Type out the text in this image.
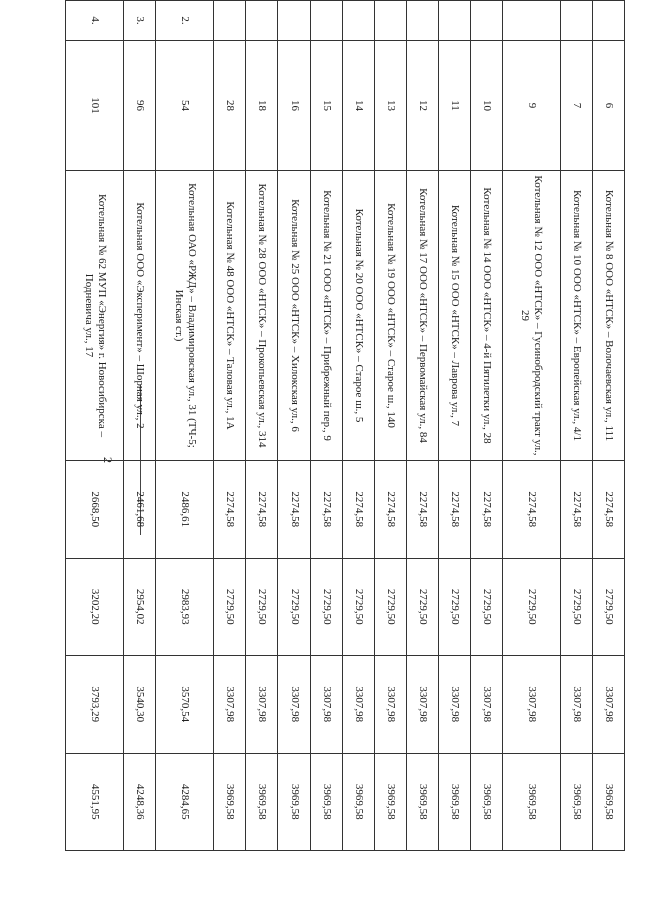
2
	6	Котельная № 8 ООО «НТСК» – Волочаевская ул., 111	2274,58	2729,50	3307,98	3969,58
	7	Котельная № 10 ООО «НТСК» – Европейская ул., 4/1	2274,58	2729,50	3307,98	3969,58
	9	Котельная № 12 ООО «НТСК» – Гусинобродский тракт ул., 29	2274,58	2729,50	3307,98	3969,58
	10	Котельная № 14 ООО «НТСК» – 4-й Пятилетки ул., 28	2274,58	2729,50	3307,98	3969,58
	11	Котельная № 15 ООО «НТСК» – Лаврова ул., 7	2274,58	2729,50	3307,98	3969,58
	12	Котельная № 17 ООО «НТСК» – Первомайская ул., 84	2274,58	2729,50	3307,98	3969,58
	13	Котельная № 19 ООО «НТСК» – Старое ш., 140	2274,58	2729,50	3307,98	3969,58
	14	Котельная № 20 ООО «НТСК» – Старое ш., 5	2274,58	2729,50	3307,98	3969,58
	15	Котельная № 21 ООО «НТСК» – Прибрежный пер., 9	2274,58	2729,50	3307,98	3969,58
	16	Котельная № 25 ООО «НТСК» – Хилокская ул., 6	2274,58	2729,50	3307,98	3969,58
	18	Котельная № 28 ООО «НТСК» – Прокопьевская ул., 314	2274,58	2729,50	3307,98	3969,58
	28	Котельная № 48 ООО «НТСК» – Таловая ул., 1А	2274,58	2729,50	3307,98	3969,58
2.	54	Котельная ОАО «РЖД» – Владимировская ул., 31 (ТЧ-5; Инская ст.)	2486,61	2983,93	3570,54	4284,65
3.	96	Котельная ООО «Эксперимент» – Шорная ул., 2	2461,68	2954,02	3540,30	4248,36
4.	101	Котельная № 62 МУП «Энергия» г. Новосибирска – Подневича ул., 17	2668,50	3202,20	3793,29	4551,95
